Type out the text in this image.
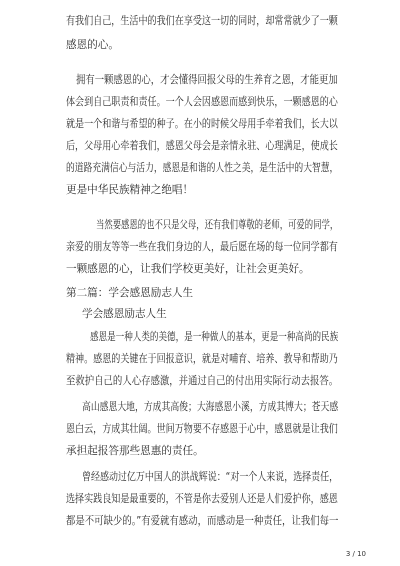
有我们自己，生活中的我们在享受这一切的同时，却常常就少了一颗
感恩的心。
拥有一颗感恩的心，才会懂得回报父母的生养育之恩，才能更加
体会到自己职责和责任。一个人会因感恩而感到快乐，一颗感恩的心
就是一个和谐与希望的种子。在小的时候父母用手牵着我们，长大以
后，父母用心牵着我们，感恩父母会是亲情永驻、心理满足，使成长
的道路充满信心与活力，感恩是和谐的人性之美，是生活中的大智慧，
更是中华民族精神之绝唱！
当然要感恩的也不只是父母，还有我们尊敬的老师，可爱的同学，
亲爱的朋友等等一些在我们身边的人，最后愿在场的每一位同学都有
一颗感恩的心，让我们学校更美好，让社会更美好。
第二篇：学会感恩励志人生
学会感恩励志人生
感恩是一种人类的美德，是一种做人的基本，更是一种高尚的民族
精神。感恩的关键在于回报意识，就是对哺育、培养、教导和帮助乃
至救护自己的人心存感激，并通过自己的付出用实际行动去报答。
高山感恩大地，方成其高俊；大海感恩小溪，方成其博大；苍天感
恩白云，方成其壮阔。世间万物要不存感恩于心中，感恩就是让我们
承担起报答那些恩惠的责任。
曾经感动过亿万中国人的洪战辉说：“对一个人来说，选择责任，
选择实践良知是最重要的，不管是你去爱别人还是人们爱护你，感恩
都是不可缺少的。”有爱就有感动，而感动是一种责任，让我们每一
3 / 10
